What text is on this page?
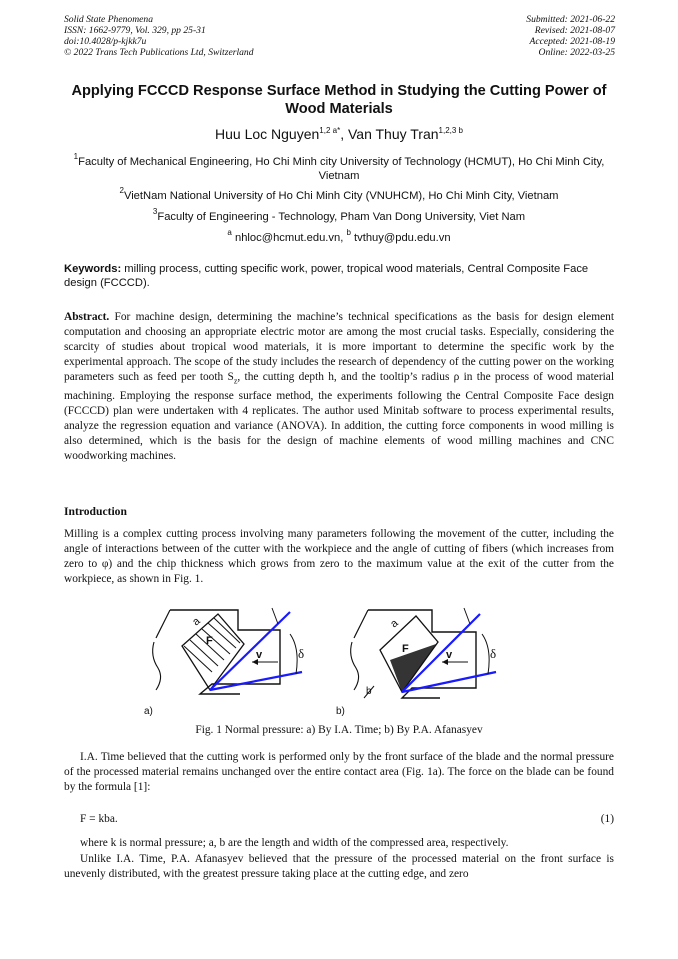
Solid State Phenomena
ISSN: 1662-9779, Vol. 329, pp 25-31
doi:10.4028/p-kjkk7u
© 2022 Trans Tech Publications Ltd, Switzerland
Submitted: 2021-06-22
Revised: 2021-08-07
Accepted: 2021-08-19
Online: 2022-03-25
Applying FCCCD Response Surface Method in Studying the Cutting Power of Wood Materials
Huu Loc Nguyen$^{1,2 a*}$, Van Thuy Tran$^{1,2,3 b}$
$^1$Faculty of Mechanical Engineering, Ho Chi Minh city University of Technology (HCMUT), Ho Chi Minh City, Vietnam
$^2$VietNam National University of Ho Chi Minh City (VNUHCM), Ho Chi Minh City, Vietnam
$^3$Faculty of Engineering - Technology, Pham Van Dong University, Viet Nam
$^a$ nhloc@hcmut.edu.vn, $^b$ tvthuy@pdu.edu.vn
Keywords: milling process, cutting specific work, power, tropical wood materials, Central Composite Face design (FCCCD).
Abstract. For machine design, determining the machine’s technical specifications as the basis for design element computation and choosing an appropriate electric motor are among the most crucial tasks. Especially, considering the scarcity of studies about tropical wood materials, it is more important to determine the specific work by the experimental approach. The scope of the study includes the research of dependency of the cutting power on the working parameters such as feed per tooth $S_z$, the cutting depth h, and the tooltip’s radius ρ in the process of wood material machining. Employing the response surface method, the experiments following the Central Composite Face design (FCCCD) plan were undertaken with 4 replicates. The author used Minitab software to process experimental results, analyze the regression equation and variance (ANOVA). In addition, the cutting force components in wood milling is also determined, which is the basis for the design of machine elements of wood milling machines and CNC woodworking machines.
Introduction
Milling is a complex cutting process involving many parameters following the movement of the cutter, including the angle of interactions between of the cutter with the workpiece and the angle of cutting of fibers (which increases from zero to φ) and the chip thickness which grows from zero to the maximum value at the exit of the cutter from the workpiece, as shown in Fig. 1.
a
F
v	δ
a)
a
F	v	δ
b
b)
Fig. 1 Normal pressure: a) By I.A. Time; b) By P.A. Afanasyev
I.A. Time believed that the cutting work is performed only by the front surface of the blade and the normal pressure of the processed material remains unchanged over the entire contact area (Fig. 1a). The force on the blade can be found by the formula [1]:
F = kba.	(1)
where k is normal pressure; a, b are the length and width of the compressed area, respectively.
Unlike I.A. Time, P.A. Afanasyev believed that the pressure of the processed material on the front surface is unevenly distributed, with the greatest pressure taking place at the cutting edge, and zero
